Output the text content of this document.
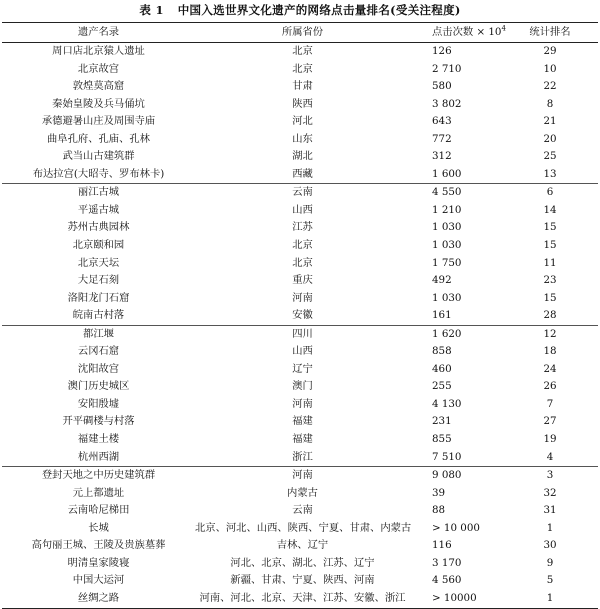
表 1 中国入选世界文化遗产的网络点击量排名(受关注程度)
遗产名录	所属省份	点击次数 × $10^4$	统计排名
周口店北京猿人遗址	北京	126	29
北京故宫	北京	2 710	10
敦煌莫高窟	甘肃	580	22
秦始皇陵及兵马俑坑	陕西	3 802	8
承德避暑山庄及周围寺庙	河北	643	21
曲阜孔府、孔庙、孔林	山东	772	20
武当山古建筑群	湖北	312	25
布达拉宫(大昭寺、罗布林卡)	西藏	1 600	13
丽江古城	云南	4 550	6
平遥古城	山西	1 210	14
苏州古典园林	江苏	1 030	15
北京颐和园	北京	1 030	15
北京天坛	北京	1 750	11
大足石刻	重庆	492	23
洛阳龙门石窟	河南	1 030	15
皖南古村落	安徽	161	28
都江堰	四川	1 620	12
云冈石窟	山西	858	18
沈阳故宫	辽宁	460	24
澳门历史城区	澳门	255	26
安阳殷墟	河南	4 130	7
开平碉楼与村落	福建	231	27
福建土楼	福建	855	19
杭州西湖	浙江	7 510	4
登封天地之中历史建筑群	河南	9 080	3
元上都遗址	内蒙古	39	32
云南哈尼梯田	云南	88	31
长城	北京、河北、山西、陕西、宁夏、甘肃、内蒙古	> 10 000	1
高句丽王城、王陵及贵族墓葬	吉林、辽宁	116	30
明清皇家陵寝	河北、北京、湖北、江苏、辽宁	3 170	9
中国大运河	新疆、甘肃、宁夏、陕西、河南	4 560	5
丝绸之路	河南、河北、北京、天津、江苏、安徽、浙江	> 10000	1
